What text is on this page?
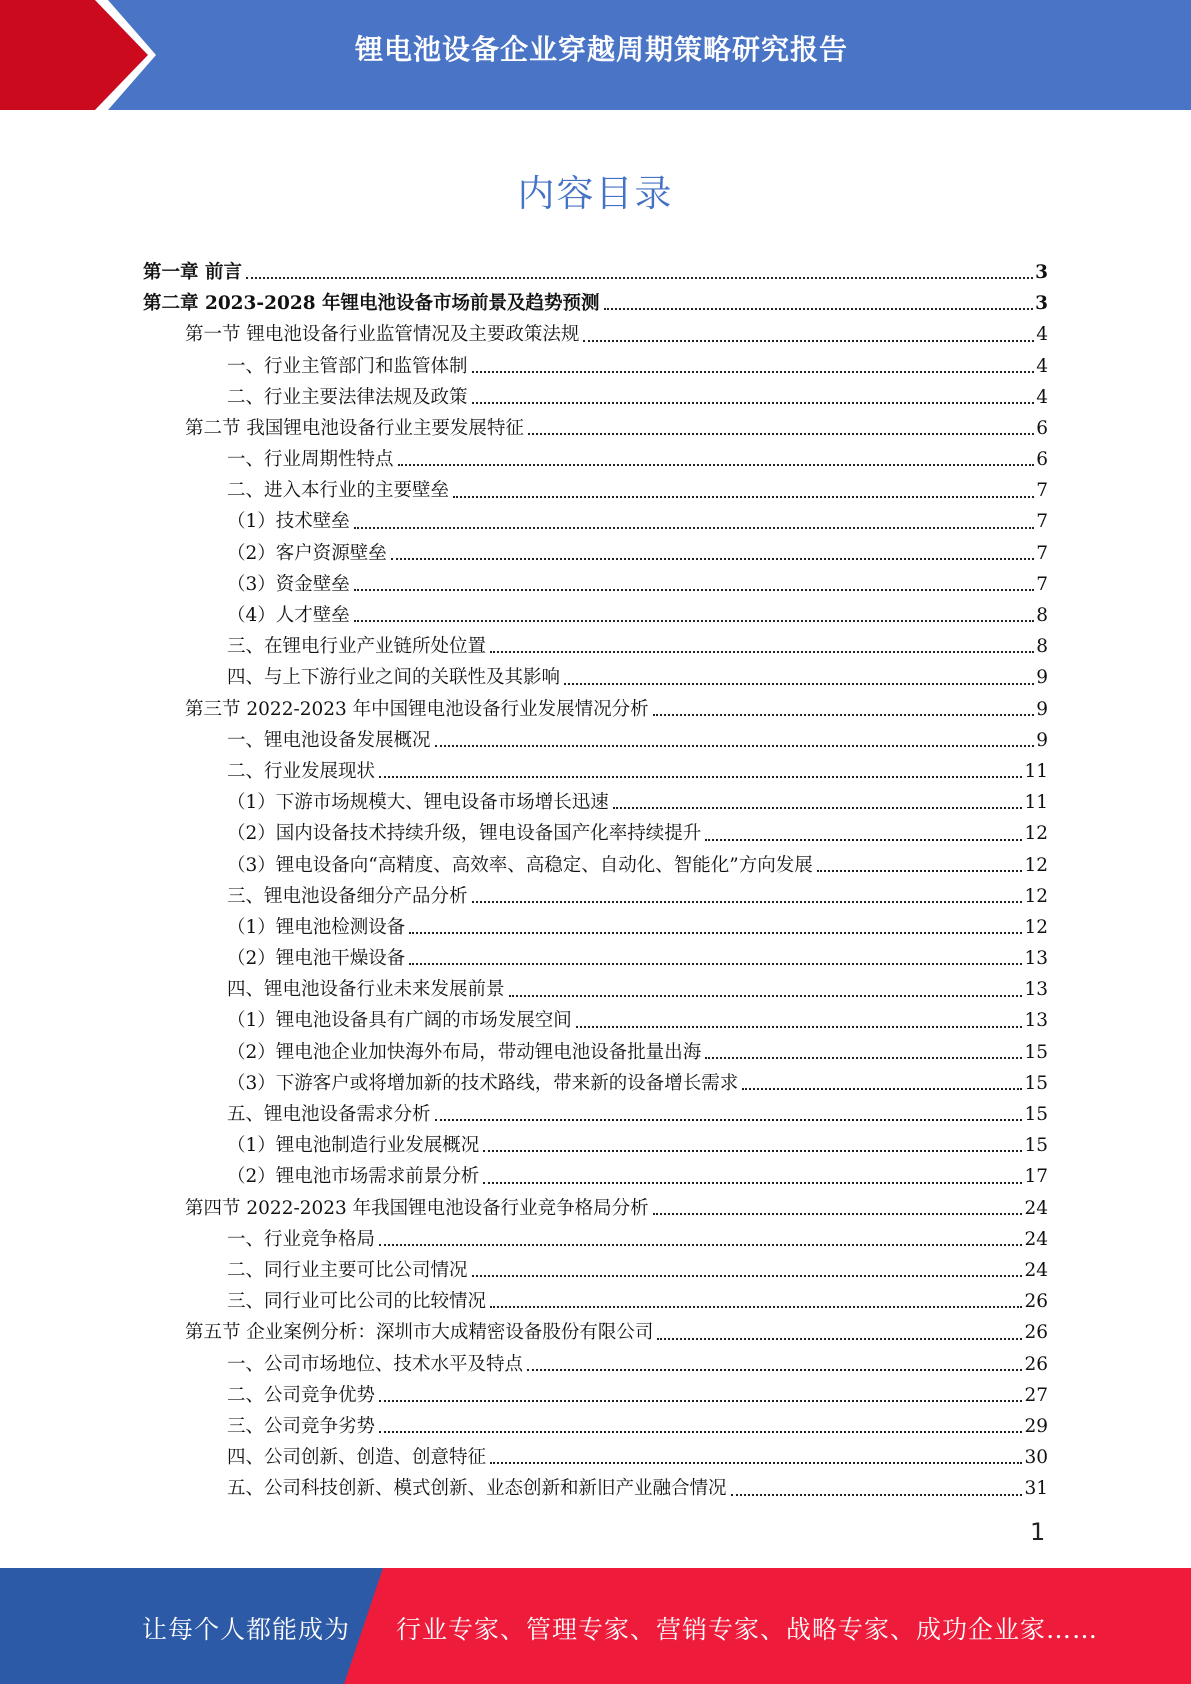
锂电池设备企业穿越周期策略研究报告
内容目录
第一章 前言	3
第二章 2023-2028 年锂电池设备市场前景及趋势预测	3
第一节 锂电池设备行业监管情况及主要政策法规	4
一、行业主管部门和监管体制	4
二、行业主要法律法规及政策	4
第二节 我国锂电池设备行业主要发展特征	6
一、行业周期性特点	6
二、进入本行业的主要壁垒	7
（1）技术壁垒	7
（2）客户资源壁垒	7
（3）资金壁垒	7
（4）人才壁垒	8
三、在锂电行业产业链所处位置	8
四、与上下游行业之间的关联性及其影响	9
第三节 2022-2023 年中国锂电池设备行业发展情况分析	9
一、锂电池设备发展概况	9
二、行业发展现状	11
（1）下游市场规模大、锂电设备市场增长迅速	11
（2）国内设备技术持续升级，锂电设备国产化率持续提升	12
（3）锂电设备向“高精度、高效率、高稳定、自动化、智能化”方向发展	12
三、锂电池设备细分产品分析	12
（1）锂电池检测设备	12
（2）锂电池干燥设备	13
四、锂电池设备行业未来发展前景	13
（1）锂电池设备具有广阔的市场发展空间	13
（2）锂电池企业加快海外布局，带动锂电池设备批量出海	15
（3）下游客户或将增加新的技术路线，带来新的设备增长需求	15
五、锂电池设备需求分析	15
（1）锂电池制造行业发展概况	15
（2）锂电池市场需求前景分析	17
第四节 2022-2023 年我国锂电池设备行业竞争格局分析	24
一、行业竞争格局	24
二、同行业主要可比公司情况	24
三、同行业可比公司的比较情况	26
第五节 企业案例分析：深圳市大成精密设备股份有限公司	26
一、公司市场地位、技术水平及特点	26
二、公司竞争优势	27
三、公司竞争劣势	29
四、公司创新、创造、创意特征	30
五、公司科技创新、模式创新、业态创新和新旧产业融合情况	31
1
让每个人都能成为 行业专家、管理专家、营销专家、战略专家、成功企业家……
